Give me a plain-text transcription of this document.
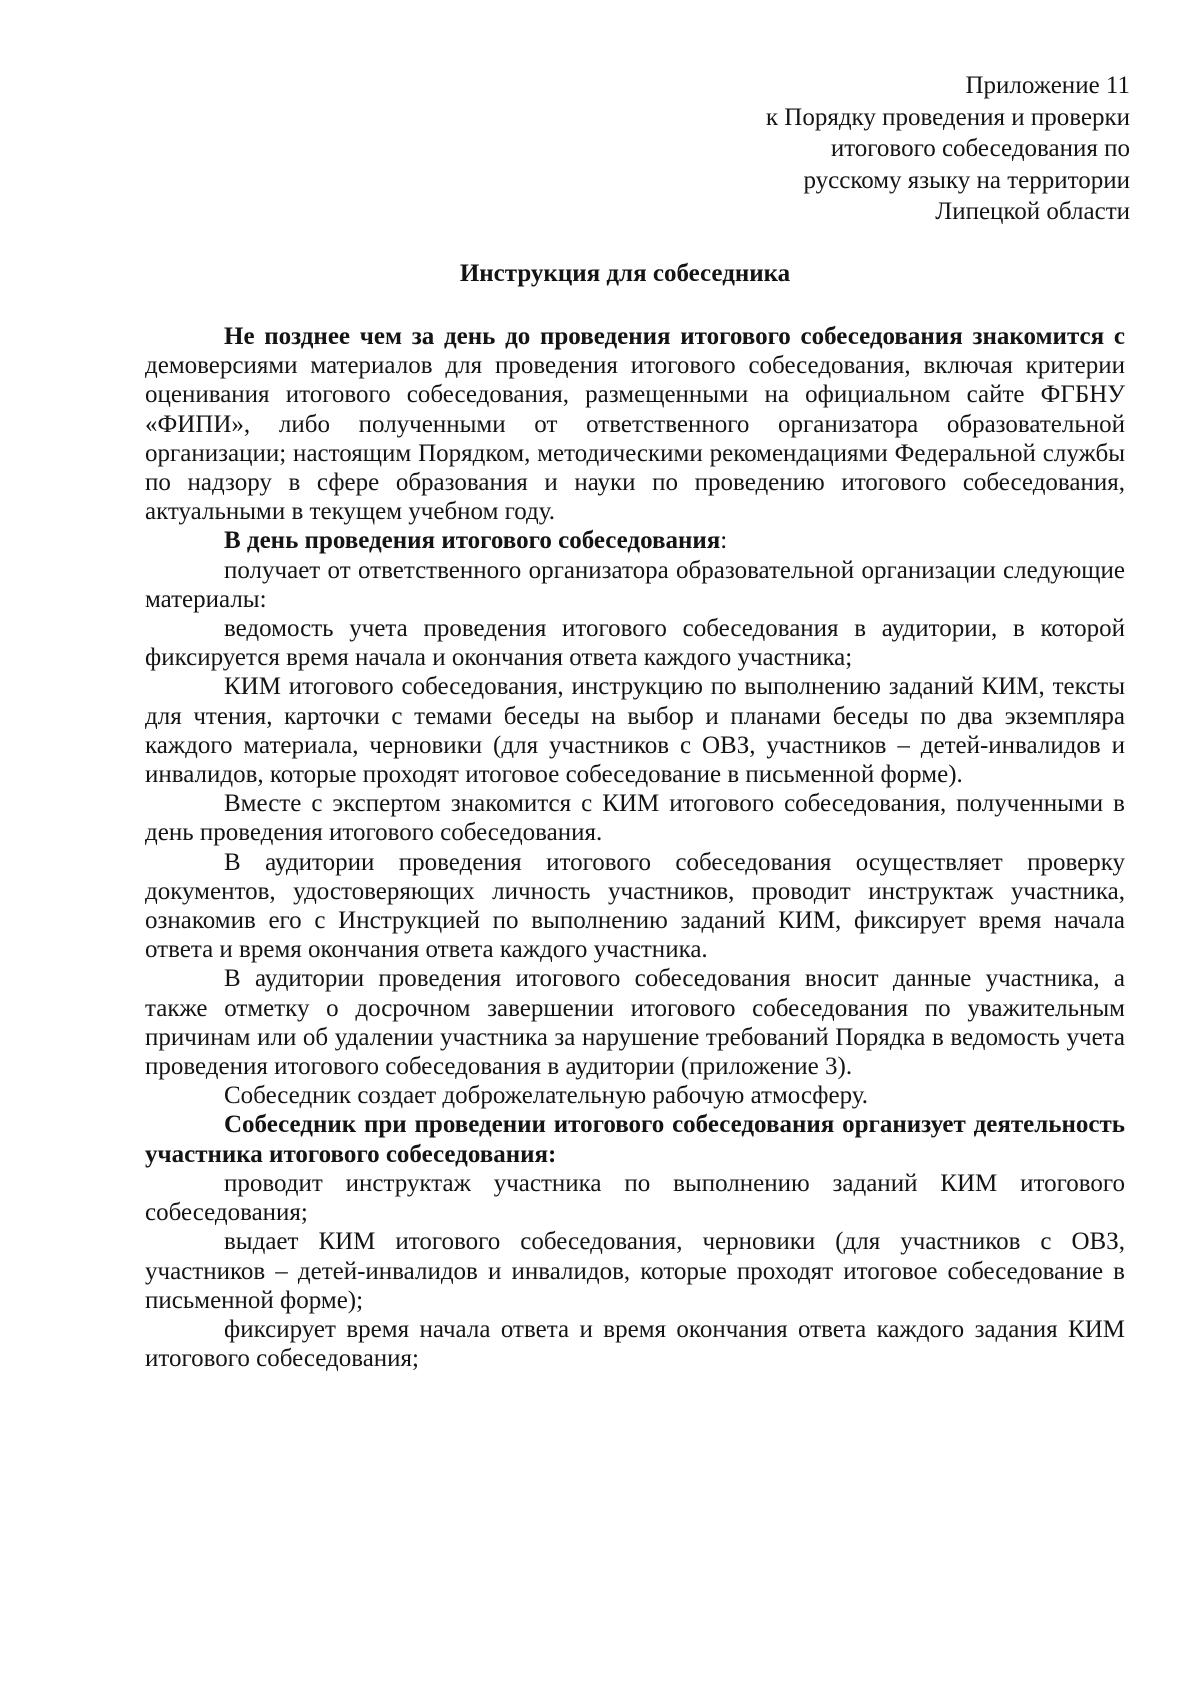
Приложение 11
к Порядку проведения и проверки
итогового собеседования по
русскому языку на территории
Липецкой области
Инструкция для собеседника

Не позднее чем за день до проведения итогового собеседования знакомится с демоверсиями материалов для проведения итогового собеседования, включая критерии оценивания итогового собеседования, размещенными на официальном сайте ФГБНУ «ФИПИ», либо полученными от ответственного организатора образовательной организации; настоящим Порядком, методическими рекомендациями Федеральной службы по надзору в сфере образования и науки по проведению итогового собеседования, актуальными в текущем учебном году.

В день проведения итогового собеседования:

получает от ответственного организатора образовательной организации следующие материалы:

ведомость учета проведения итогового собеседования в аудитории, в которой фиксируется время начала и окончания ответа каждого участника;

КИМ итогового собеседования, инструкцию по выполнению заданий КИМ, тексты для чтения, карточки с темами беседы на выбор и планами беседы по два экземпляра каждого материала, черновики (для участников с ОВЗ, участников – детей-инвалидов и инвалидов, которые проходят итоговое собеседование в письменной форме).

Вместе с экспертом знакомится с КИМ итогового собеседования, полученными в день проведения итогового собеседования.

В аудитории проведения итогового собеседования осуществляет проверку документов, удостоверяющих личность участников, проводит инструктаж участника, ознакомив его с Инструкцией по выполнению заданий КИМ, фиксирует время начала ответа и время окончания ответа каждого участника.

В аудитории проведения итогового собеседования вносит данные участника, а также отметку о досрочном завершении итогового собеседования по уважительным причинам или об удалении участника за нарушение требований Порядка в ведомость учета проведения итогового собеседования в аудитории (приложение 3).

Собеседник создает доброжелательную рабочую атмосферу.

Собеседник при проведении итогового собеседования организует деятельность участника итогового собеседования:

проводит инструктаж участника по выполнению заданий КИМ итогового собеседования;

выдает КИМ итогового собеседования, черновики (для участников с ОВЗ, участников – детей-инвалидов и инвалидов, которые проходят итоговое собеседование в письменной форме);

фиксирует время начала ответа и время окончания ответа каждого задания КИМ итогового собеседования;
